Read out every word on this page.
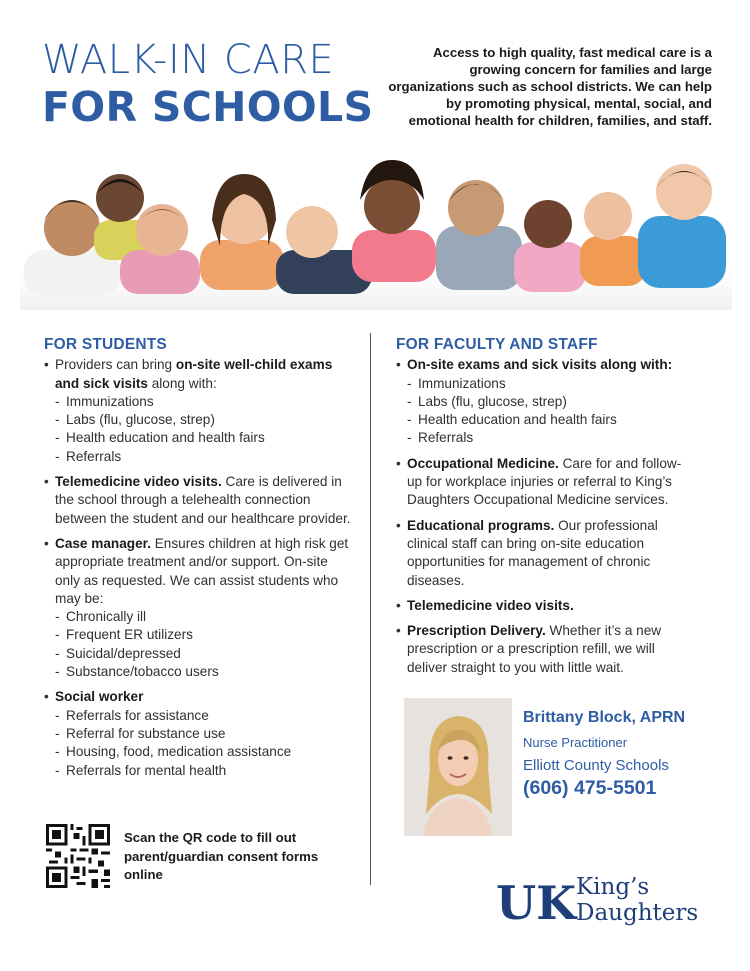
WALK-IN CARE
FOR SCHOOLS
Access to high quality, fast medical care is a growing concern for families and large organizations such as school districts. We can help by promoting physical, mental, social, and emotional health for children, families, and staff.
FOR STUDENTS

• Providers can bring on-site well-child exams and sick visits along with:

- Immunizations

- Labs (flu, glucose, strep)

- Health education and health fairs

- Referrals

• Telemedicine video visits. Care is delivered in the school through a telehealth connection between the student and our healthcare provider.

• Case manager. Ensures children at high risk get appropriate treatment and/or support. On-site only as requested. We can assist students who may be:

- Chronically ill

- Frequent ER utilizers

- Suicidal/depressed

- Substance/tobacco users

• Social worker

- Referrals for assistance

- Referral for substance use

- Housing, food, medication assistance

- Referrals for mental health

FOR FACULTY AND STAFF

• On-site exams and sick visits along with:

- Immunizations

- Labs (flu, glucose, strep)

- Health education and health fairs

- Referrals

• Occupational Medicine. Care for and follow-up for workplace injuries or referral to King’s Daughters Occupational Medicine services.

• Educational programs. Our professional clinical staff can bring on-site education opportunities for management of chronic diseases.

• Telemedicine video visits.

• Prescription Delivery. Whether it’s a new prescription or a prescription refill, we will deliver straight to you with little wait.

Scan the QR code to fill out parent/guardian consent forms online
Brittany Block, APRN
Nurse Practitioner
Elliott County Schools
(606) 475-5501
UK King’s
Daughters
